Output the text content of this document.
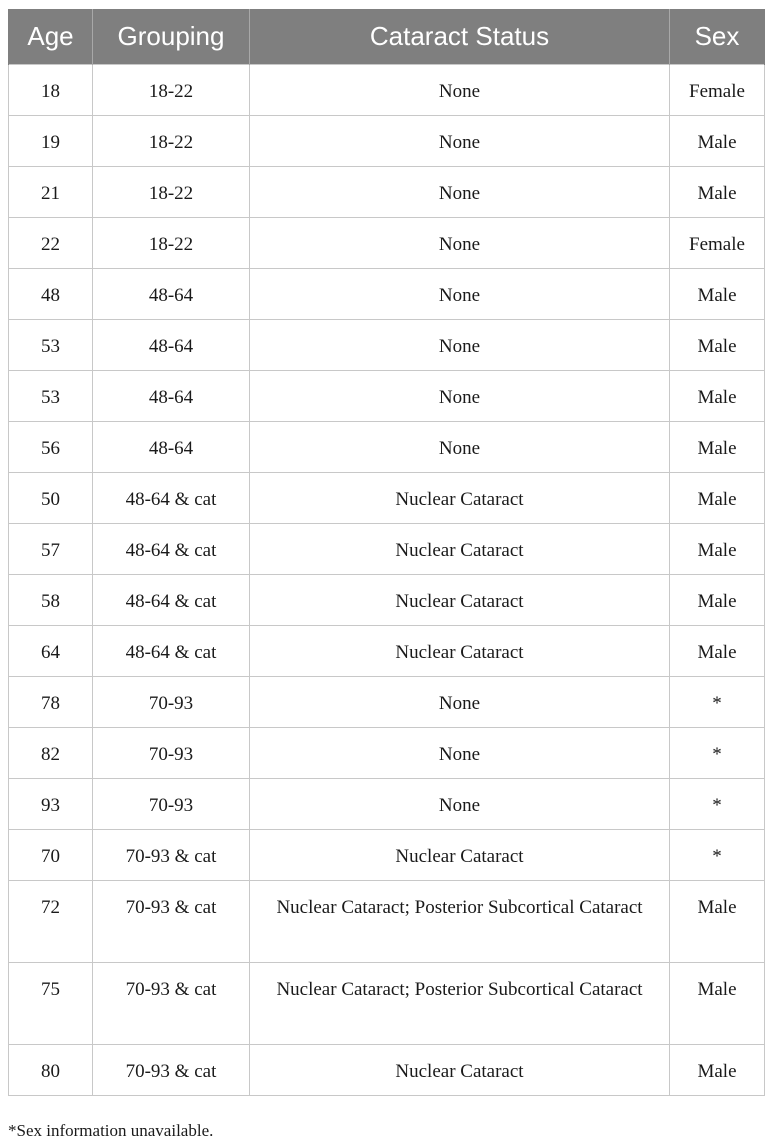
Age	Grouping	Cataract Status	Sex
18	18-22	None	Female
19	18-22	None	Male
21	18-22	None	Male
22	18-22	None	Female
48	48-64	None	Male
53	48-64	None	Male
53	48-64	None	Male
56	48-64	None	Male
50	48-64 & cat	Nuclear Cataract	Male
57	48-64 & cat	Nuclear Cataract	Male
58	48-64 & cat	Nuclear Cataract	Male
64	48-64 & cat	Nuclear Cataract	Male
78	70-93	None	*
82	70-93	None	*
93	70-93	None	*
70	70-93 & cat	Nuclear Cataract	*
72	70-93 & cat	Nuclear Cataract; Posterior Subcortical Cataract	Male
75	70-93 & cat	Nuclear Cataract; Posterior Subcortical Cataract	Male
80	70-93 & cat	Nuclear Cataract	Male
*Sex information unavailable.
